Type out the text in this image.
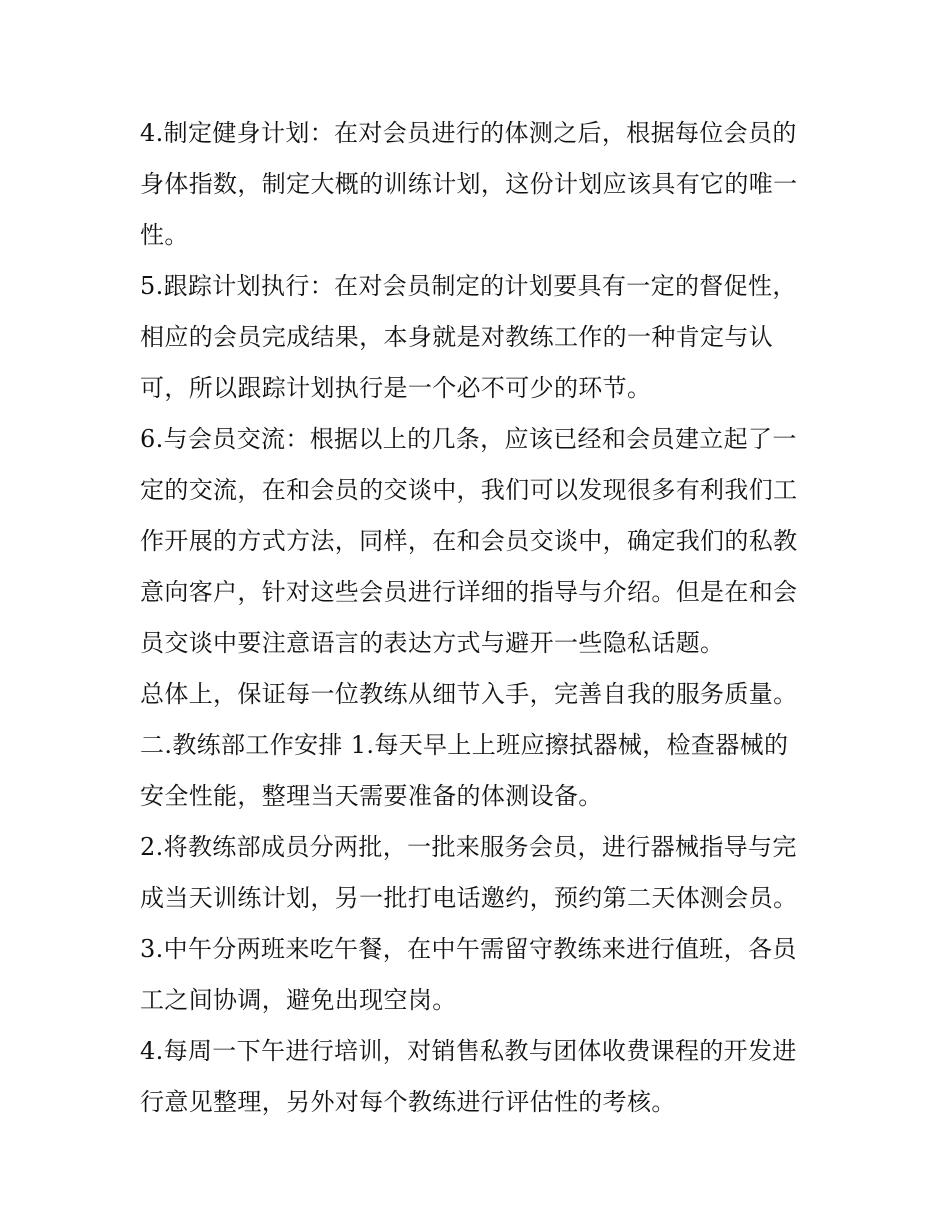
4.制定健身计划：在对会员进行的体测之后，根据每位会员的
身体指数，制定大概的训练计划，这份计划应该具有它的唯一
性。
5.跟踪计划执行：在对会员制定的计划要具有一定的督促性，
相应的会员完成结果，本身就是对教练工作的一种肯定与认
可，所以跟踪计划执行是一个必不可少的环节。
6.与会员交流：根据以上的几条，应该已经和会员建立起了一
定的交流，在和会员的交谈中，我们可以发现很多有利我们工
作开展的方式方法，同样，在和会员交谈中，确定我们的私教
意向客户，针对这些会员进行详细的指导与介绍。但是在和会
员交谈中要注意语言的表达方式与避开一些隐私话题。
总体上，保证每一位教练从细节入手，完善自我的服务质量。
二.教练部工作安排 1.每天早上上班应擦拭器械，检查器械的
安全性能，整理当天需要准备的体测设备。
2.将教练部成员分两批，一批来服务会员，进行器械指导与完
成当天训练计划，另一批打电话邀约，预约第二天体测会员。
3.中午分两班来吃午餐，在中午需留守教练来进行值班，各员
工之间协调，避免出现空岗。
4.每周一下午进行培训，对销售私教与团体收费课程的开发进
行意见整理，另外对每个教练进行评估性的考核。
